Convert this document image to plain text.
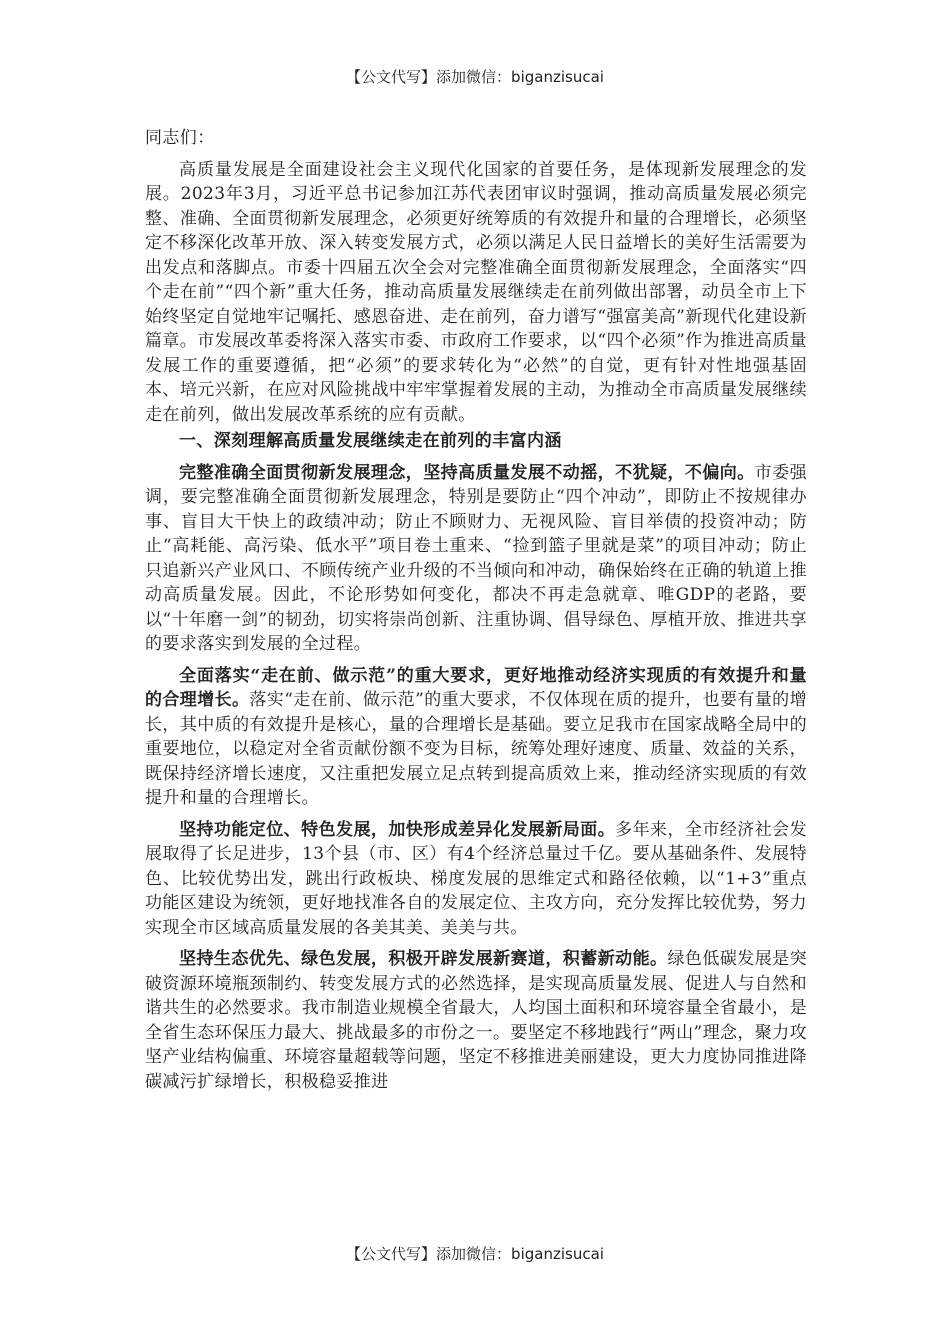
【公文代写】添加微信：biganzisucai

同志们：

高质量发展是全面建设社会主义现代化国家的首要任务，是体现新发展理念的发展。2023年3月，习近平总书记参加江苏代表团审议时强调，推动高质量发展必须完整、准确、全面贯彻新发展理念，必须更好统筹质的有效提升和量的合理增长，必须坚定不移深化改革开放、深入转变发展方式，必须以满足人民日益增长的美好生活需要为出发点和落脚点。市委十四届五次全会对完整准确全面贯彻新发展理念，全面落实“四个走在前”“四个新”重大任务，推动高质量发展继续走在前列做出部署，动员全市上下始终坚定自觉地牢记嘱托、感恩奋进、走在前列，奋力谱写“强富美高”新现代化建设新篇章。市发展改革委将深入落实市委、市政府工作要求，以“四个必须”作为推进高质量发展工作的重要遵循，把“必须”的要求转化为“必然”的自觉，更有针对性地强基固本、培元兴新，在应对风险挑战中牢牢掌握着发展的主动，为推动全市高质量发展继续走在前列，做出发展改革系统的应有贡献。

一、深刻理解高质量发展继续走在前列的丰富内涵

完整准确全面贯彻新发展理念，坚持高质量发展不动摇，不犹疑，不偏向。市委强调，要完整准确全面贯彻新发展理念，特别是要防止“四个冲动”，即防止不按规律办事、盲目大干快上的政绩冲动；防止不顾财力、无视风险、盲目举债的投资冲动；防止“高耗能、高污染、低水平”项目卷土重来、“捡到篮子里就是菜”的项目冲动；防止只追新兴产业风口、不顾传统产业升级的不当倾向和冲动，确保始终在正确的轨道上推动高质量发展。因此，不论形势如何变化，都决不再走急就章、唯GDP的老路，要以“十年磨一剑”的韧劲，切实将崇尚创新、注重协调、倡导绿色、厚植开放、推进共享的要求落实到发展的全过程。

全面落实“走在前、做示范”的重大要求，更好地推动经济实现质的有效提升和量的合理增长。落实“走在前、做示范”的重大要求，不仅体现在质的提升，也要有量的增长，其中质的有效提升是核心，量的合理增长是基础。要立足我市在国家战略全局中的重要地位，以稳定对全省贡献份额不变为目标，统筹处理好速度、质量、效益的关系，既保持经济增长速度，又注重把发展立足点转到提高质效上来，推动经济实现质的有效提升和量的合理增长。

坚持功能定位、特色发展，加快形成差异化发展新局面。多年来，全市经济社会发展取得了长足进步，13个县（市、区）有4个经济总量过千亿。要从基础条件、发展特色、比较优势出发，跳出行政板块、梯度发展的思维定式和路径依赖，以“1+3”重点功能区建设为统领，更好地找准各自的发展定位、主攻方向，充分发挥比较优势，努力实现全市区域高质量发展的各美其美、美美与共。

坚持生态优先、绿色发展，积极开辟发展新赛道，积蓄新动能。绿色低碳发展是突破资源环境瓶颈制约、转变发展方式的必然选择，是实现高质量发展、促进人与自然和谐共生的必然要求。我市制造业规模全省最大，人均国土面积和环境容量全省最小，是全省生态环保压力最大、挑战最多的市份之一。要坚定不移地践行“两山”理念，聚力攻坚产业结构偏重、环境容量超载等问题，坚定不移推进美丽建设，更大力度协同推进降碳减污扩绿增长，积极稳妥推进

【公文代写】添加微信：biganzisucai
